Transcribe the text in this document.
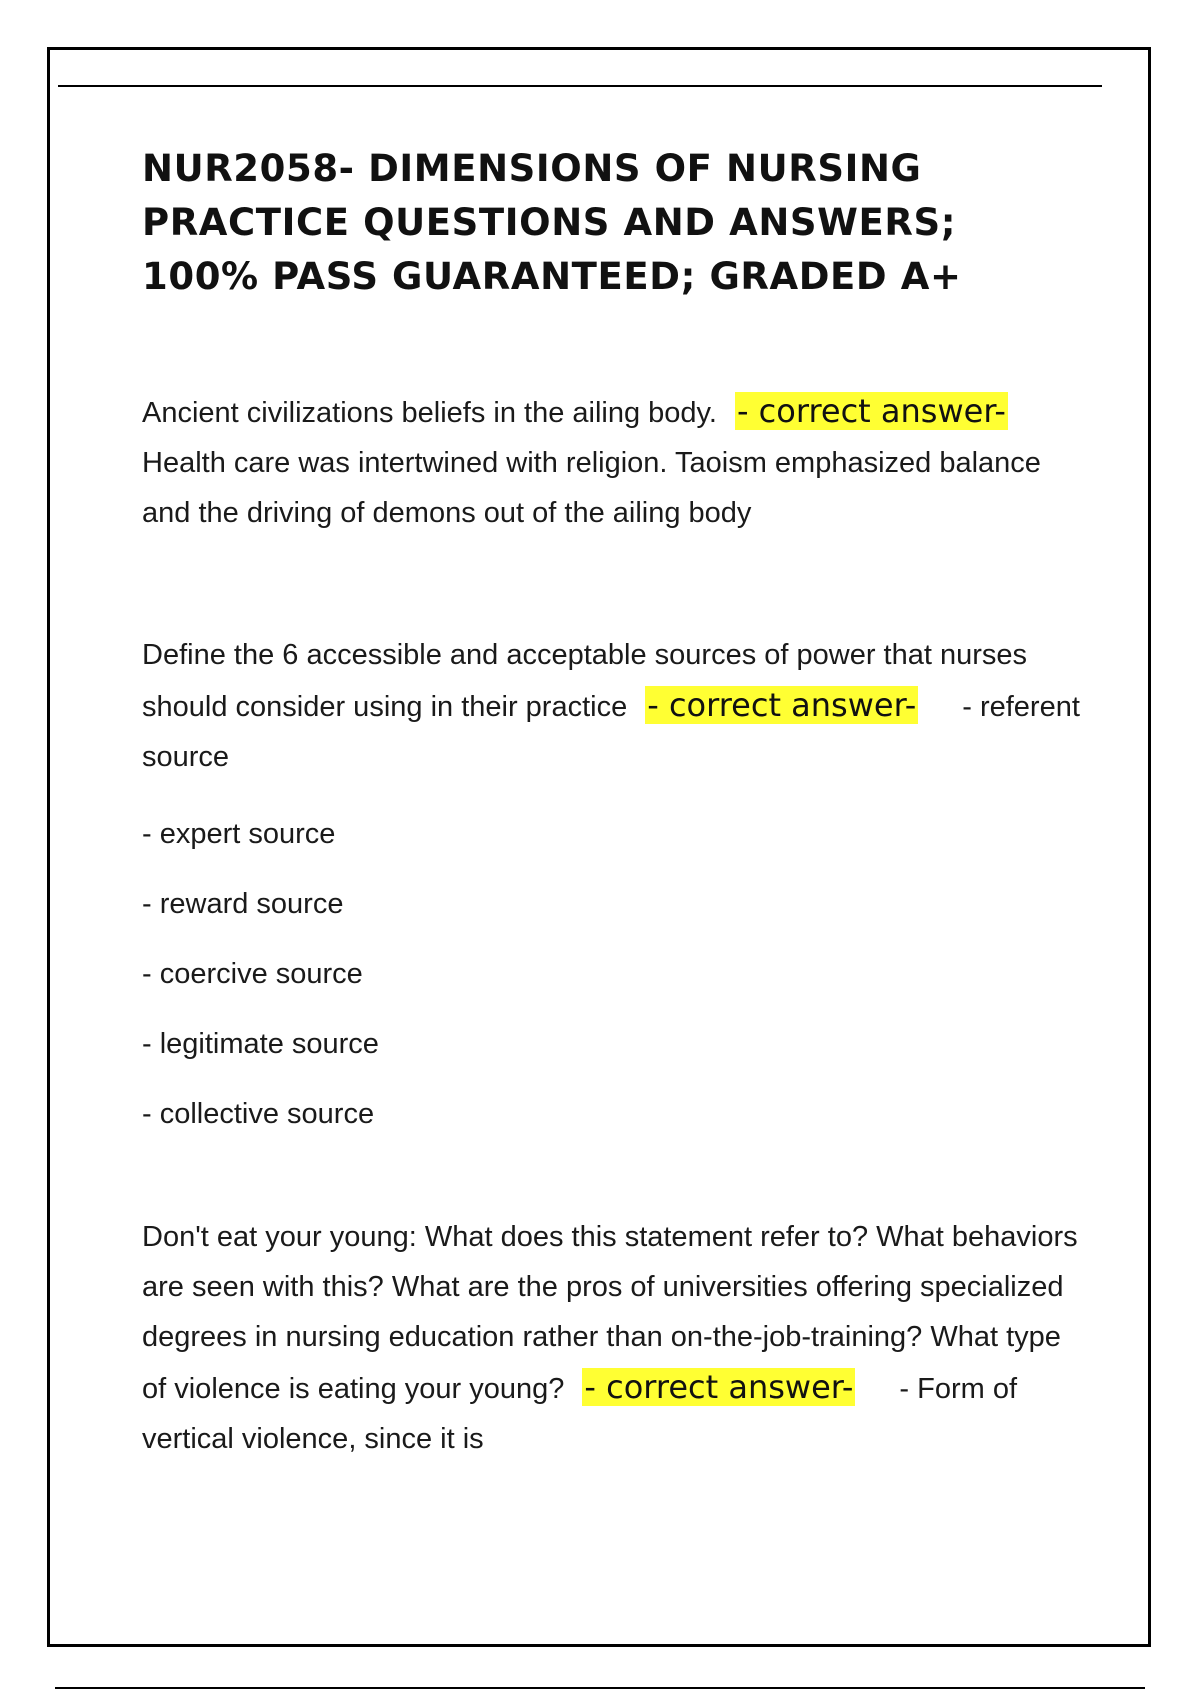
NUR2058- DIMENSIONS OF NURSING PRACTICE QUESTIONS AND ANSWERS; 100% PASS GUARANTEED; GRADED A+

Ancient civilizations beliefs in the ailing body. - correct answer-Health care was intertwined with religion. Taoism emphasized balance and the driving of demons out of the ailing body

Define the 6 accessible and acceptable sources of power that nurses should consider using in their practice - correct answer- - referent source

- expert source

- reward source

- coercive source

- legitimate source

- collective source

Don't eat your young: What does this statement refer to? What behaviors are seen with this? What are the pros of universities offering specialized degrees in nursing education rather than on-the-job-training? What type of violence is eating your young? - correct answer- - Form of vertical violence, since it is
